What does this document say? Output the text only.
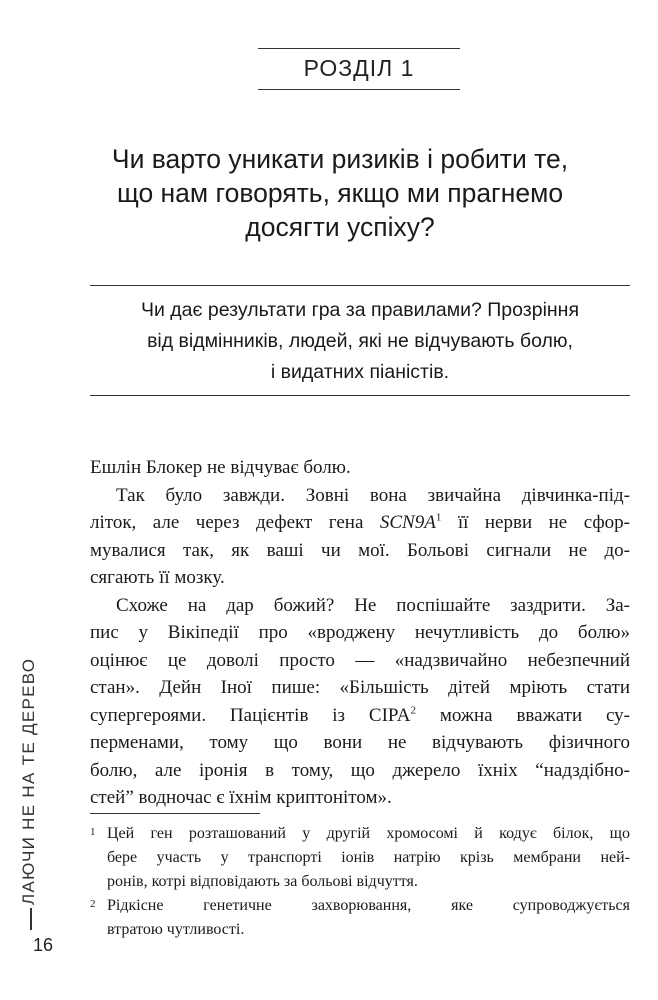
РОЗДІЛ 1
Чи варто уникати ризиків і робити те,
що нам говорять, якщо ми прагнемо
досягти успіху?
Чи дає результати гра за правилами? Прозріння
від відмінників, людей, які не відчувають болю,
і видатних піаністів.
Ешлін Блокер не відчуває болю.
Так було завжди. Зовні вона звичайна дівчинка-під-
літок, але через дефект гена $SCN9A^1$ її нерви не сфор-
мувалися так, як ваші чи мої. Больові сигнали не до-
сягають її мозку.
Схоже на дар божий? Не поспішайте заздрити. За-
пис у Вікіпедії про «вроджену нечутливість до болю»
оцінює це доволі просто — «надзвичайно небезпечний
стан». Дейн Іної пише: «Більшість дітей мріють стати
супергероями. Пацієнтів із CIPA$^2$ можна вважати су-
перменами, тому що вони не відчувають фізичного
болю, але іронія в тому, що джерело їхніх “надздібно-
стей” водночас є їхнім криптонітом».
1 Цей ген розташований у другій хромосомі й кодує білок, що
бере участь у транспорті іонів натрію крізь мембрани ней-
ронів, котрі відповідають за больові відчуття.
2 Рідкісне генетичне захворювання, яке супроводжується
втратою чутливості.
ЛАЮЧИ НЕ НА ТЕ ДЕРЕВО
16
